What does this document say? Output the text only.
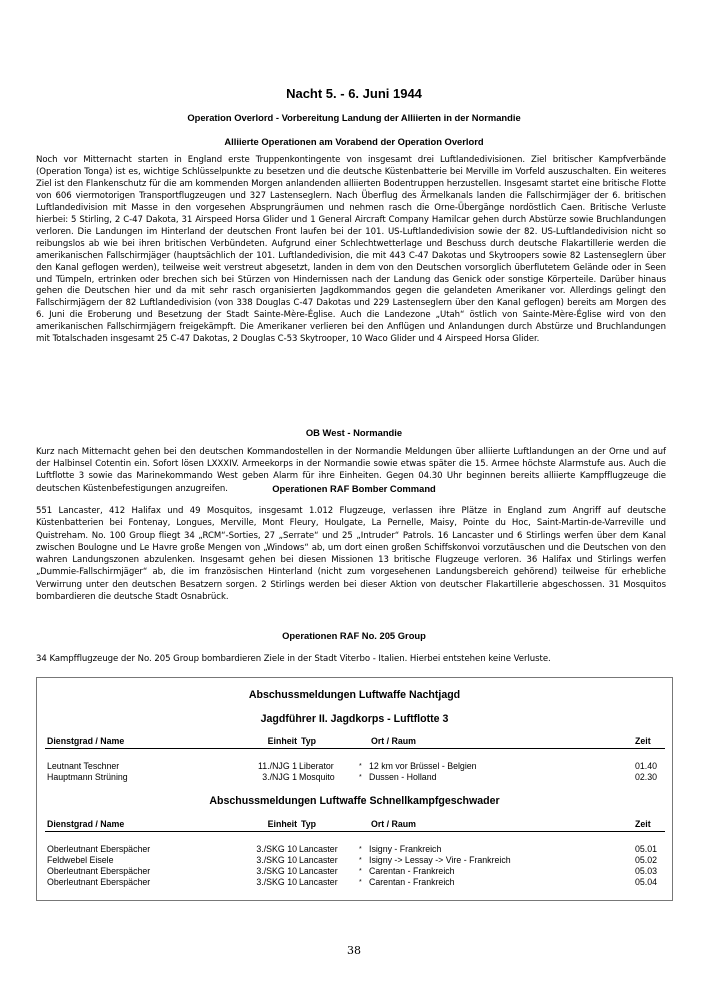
Nacht 5. - 6. Juni 1944
Operation Overlord - Vorbereitung Landung der Alliierten in der Normandie
Alliierte Operationen am Vorabend der Operation Overlord
Noch vor Mitternacht starten in England erste Truppenkontingente von insgesamt drei Luftlandedivisionen. Ziel britischer Kampfverbände (Operation Tonga) ist es, wichtige Schlüsselpunkte zu besetzen und die deutsche Küstenbatterie bei Merville im Vorfeld auszuschalten. Ein weiteres Ziel ist den Flankenschutz für die am kommenden Morgen anlandenden alliierten Bodentruppen herzustellen. Insgesamt startet eine britische Flotte von 606 viermotorigen Transportflugzeugen und 327 Lastenseglern. Nach Überflug des Ärmelkanals landen die Fallschirmjäger der 6. britischen Luftlandedivision mit Masse in den vorgesehen Absprungräumen und nehmen rasch die Orne-Übergänge nordöstlich Caen. Britische Verluste hierbei: 5 Stirling, 2 C-47 Dakota, 31 Airspeed Horsa Glider und 1 General Aircraft Company Hamilcar gehen durch Abstürze sowie Bruchlandungen verloren. Die Landungen im Hinterland der deutschen Front laufen bei der 101. US-Luftlandedivision sowie der 82. US-Luftlandedivision nicht so reibungslos ab wie bei ihren britischen Verbündeten. Aufgrund einer Schlechtwetterlage und Beschuss durch deutsche Flakartillerie werden die amerikanischen Fallschirmjäger (hauptsächlich der 101. Luftlandedivision, die mit 443 C-47 Dakotas und Skytroopers sowie 82 Lastenseglern über den Kanal geflogen werden), teilweise weit verstreut abgesetzt, landen in dem von den Deutschen vorsorglich überflutetem Gelände oder in Seen und Tümpeln, ertrinken oder brechen sich bei Stürzen von Hindernissen nach der Landung das Genick oder sonstige Körperteile. Darüber hinaus gehen die Deutschen hier und da mit sehr rasch organisierten Jagdkommandos gegen die gelandeten Amerikaner vor. Allerdings gelingt den Fallschirmjägern der 82 Luftlandedivision (von 338 Douglas C-47 Dakotas und 229 Lastenseglern über den Kanal geflogen) bereits am Morgen des 6. Juni die Eroberung und Besetzung der Stadt Sainte-Mère-Église. Auch die Landezone „Utah“ östlich von Sainte-Mère-Église wird von den amerikanischen Fallschirmjägern freigekämpft. Die Amerikaner verlieren bei den Anflügen und Anlandungen durch Abstürze und Bruchlandungen mit Totalschaden insgesamt 25 C-47 Dakotas, 2 Douglas C-53 Skytrooper, 10 Waco Glider und 4 Airspeed Horsa Glider.
OB West - Normandie
Kurz nach Mitternacht gehen bei den deutschen Kommandostellen in der Normandie Meldungen über alliierte Luftlandungen an der Orne und auf der Halbinsel Cotentin ein. Sofort lösen LXXXIV. Armeekorps in der Normandie sowie etwas später die 15. Armee höchste Alarmstufe aus. Auch die Luftflotte 3 sowie das Marinekommando West geben Alarm für ihre Einheiten. Gegen 04.30 Uhr beginnen bereits alliierte Kampfflugzeuge die deutschen Küstenbefestigungen anzugreifen.	Operationen RAF Bomber Command
551 Lancaster, 412 Halifax und 49 Mosquitos, insgesamt 1.012 Flugzeuge, verlassen ihre Plätze in England zum Angriff auf deutsche Küstenbatterien bei Fontenay, Longues, Merville, Mont Fleury, Houlgate, La Pernelle, Maisy, Pointe du Hoc, Saint-Martin-de-Varreville und Quistreham. No. 100 Group fliegt 34 „RCM“-Sorties, 27 „Serrate“ und 25 „Intruder“ Patrols. 16 Lancaster und 6 Stirlings werfen über dem Kanal zwischen Boulogne und Le Havre große Mengen von „Windows“ ab, um dort einen großen Schiffskonvoi vorzutäuschen und die Deutschen von den wahren Landungszonen abzulenken. Insgesamt gehen bei diesen Missionen 13 britische Flugzeuge verloren. 36 Halifax und Stirlings werfen „Dummie-Fallschirmjäger“ ab, die im französischen Hinterland (nicht zum vorgesehenen Landungsbereich gehörend) teilweise für erhebliche Verwirrung unter den deutschen Besatzern sorgen. 2 Stirlings werden bei dieser Aktion von deutscher Flakartillerie abgeschossen. 31 Mosquitos bombardieren die deutsche Stadt Osnabrück.
Operationen RAF No. 205 Group
34 Kampfflugzeuge der No. 205 Group bombardieren Ziele in der Stadt Viterbo - Italien. Hierbei entstehen keine Verluste.
Abschussmeldungen Luftwaffe Nachtjagd
Jagdführer II. Jagdkorps - Luftflotte 3
Dienstgrad / Name	Einheit Typ	Ort / Raum	Zeit
Leutnant Teschner	11./NJG 1 Liberator	* 12 km vor Brüssel - Belgien	01.40
Hauptmann Strüning	3./NJG 1 Mosquito	* Dussen - Holland	02.30
Abschussmeldungen Luftwaffe Schnellkampfgeschwader
Dienstgrad / Name	Einheit Typ	Ort / Raum	Zeit
Oberleutnant Eberspächer	3./SKG 10 Lancaster	* Isigny - Frankreich	05.01
Feldwebel Eisele	3./SKG 10 Lancaster	* Isigny -> Lessay -> Vire - Frankreich	05.02
Oberleutnant Eberspächer	3./SKG 10 Lancaster	* Carentan - Frankreich	05.03
Oberleutnant Eberspächer	3./SKG 10 Lancaster	* Carentan - Frankreich	05.04
38
